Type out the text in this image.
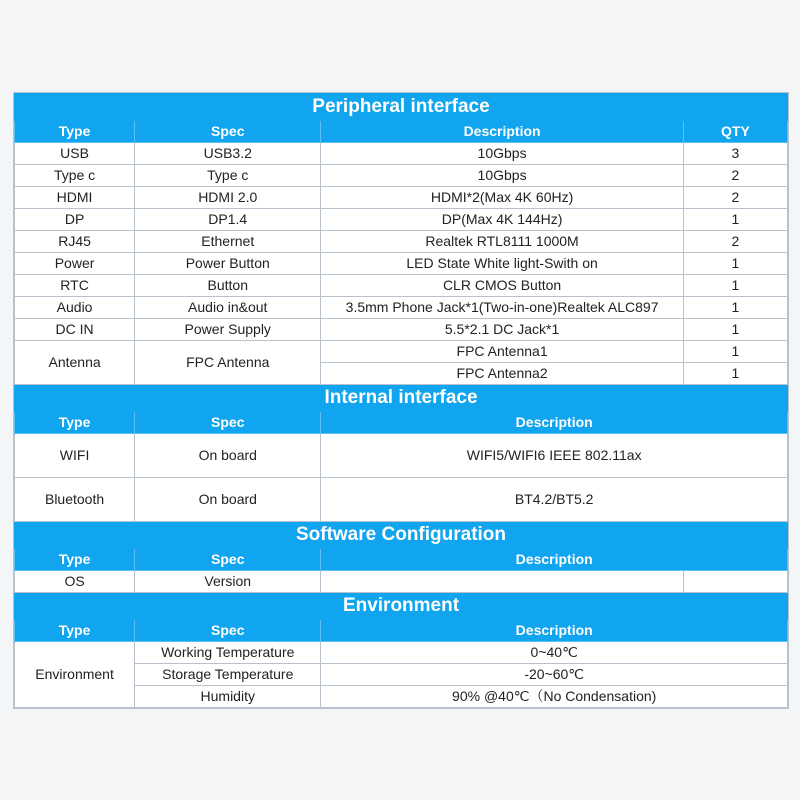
Peripheral interface			
Type	Spec	Description	QTY
USB	USB3.2	10Gbps	3
Type c	Type c	10Gbps	2
HDMI	HDMI 2.0	HDMI*2(Max 4K 60Hz)	2
DP	DP1.4	DP(Max 4K 144Hz)	1
RJ45	Ethernet	Realtek RTL8111 1000M	2
Power	Power Button	LED State White light-Swith on	1
RTC	Button	CLR CMOS Button	1
Audio	Audio in&out	3.5mm Phone Jack*1(Two-in-one)Realtek ALC897	1
DC IN	Power Supply	5.5*2.1 DC Jack*1	1
Antenna	FPC Antenna	FPC Antenna1	1
		FPC Antenna2	1
Internal interface			
Type	Spec	Description	
WIFI	On board	WIFI5/WIFI6 IEEE 802.11ax	
Bluetooth	On board	BT4.2/BT5.2	
Software Configuration			
Type	Spec	Description	
OS	Version		
Environment			
Type	Spec	Description	
Environment	Working Temperature	0~40℃	
	Storage Temperature	-20~60℃	
	Humidity	90% @40℃（No Condensation)	
